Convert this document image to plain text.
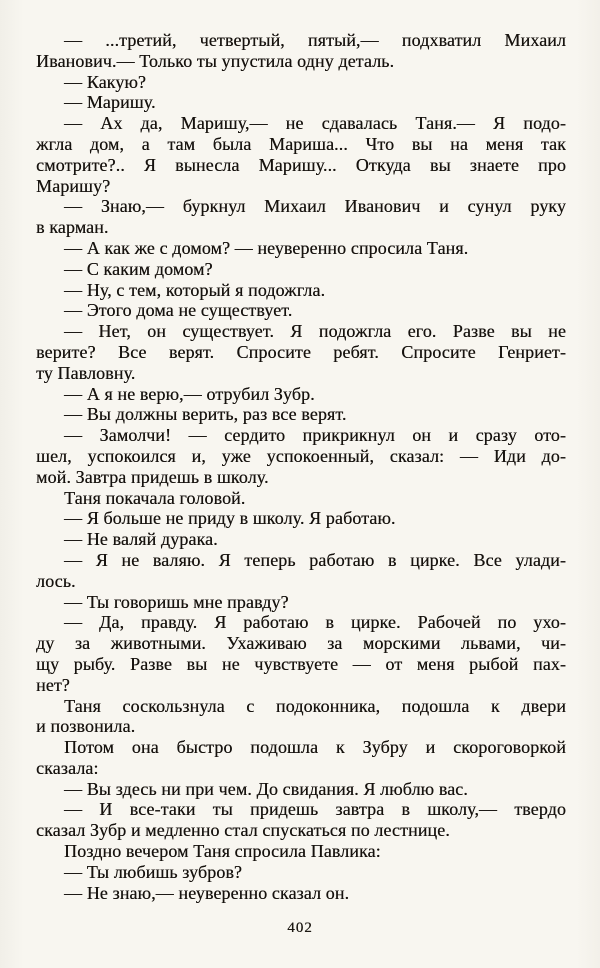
— ...третий, четвертый, пятый,— подхватил Михаил
Иванович.— Только ты упустила одну деталь.
— Какую?
— Маришу.
— Ах да, Маришу,— не сдавалась Таня.— Я подо-
жгла дом, а там была Мариша... Что вы на меня так
смотрите?.. Я вынесла Маришу... Откуда вы знаете про
Маришу?
— Знаю,— буркнул Михаил Иванович и сунул руку
в карман.
— А как же с домом? — неуверенно спросила Таня.
— С каким домом?
— Ну, с тем, который я подожгла.
— Этого дома не существует.
— Нет, он существует. Я подожгла его. Разве вы не
верите? Все верят. Спросите ребят. Спросите Генриет-
ту Павловну.
— А я не верю,— отрубил Зубр.
— Вы должны верить, раз все верят.
— Замолчи! — сердито прикрикнул он и сразу ото-
шел, успокоился и, уже успокоенный, сказал: — Иди до-
мой. Завтра придешь в школу.
Таня покачала головой.
— Я больше не приду в школу. Я работаю.
— Не валяй дурака.
— Я не валяю. Я теперь работаю в цирке. Все улади-
лось.
— Ты говоришь мне правду?
— Да, правду. Я работаю в цирке. Рабочей по ухо-
ду за животными. Ухаживаю за морскими львами, чи-
щу рыбу. Разве вы не чувствуете — от меня рыбой пах-
нет?
Таня соскользнула с подоконника, подошла к двери
и позвонила.
Потом она быстро подошла к Зубру и скороговоркой
сказала:
— Вы здесь ни при чем. До свидания. Я люблю вас.
— И все-таки ты придешь завтра в школу,— твердо
сказал Зубр и медленно стал спускаться по лестнице.
Поздно вечером Таня спросила Павлика:
— Ты любишь зубров?
— Не знаю,— неуверенно сказал он.
402
